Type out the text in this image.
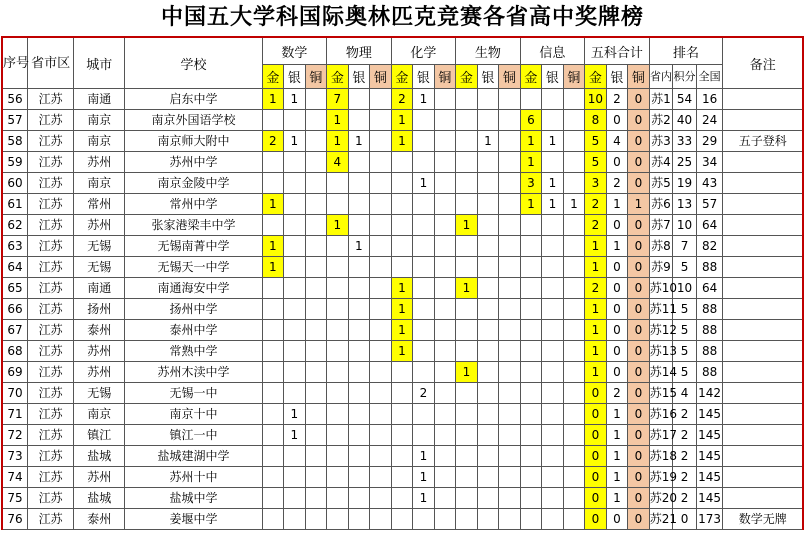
中国五大学科国际奥林匹克竞赛各省高中奖牌榜
序号	省市区	城市	学校	数学			物理			化学			生物			信息			五科合计			排名			备注
				金	银	铜	金	银	铜	金	银	铜	金	银	铜	金	银	铜	金	银	铜	省内	积分	全国	
56	江苏	南通	启东中学	1	1		7			2	1								10	2	0	苏1	54	16	
57	江苏	南京	南京外国语学校				1			1						6			8	0	0	苏2	40	24	
58	江苏	南京	南京师大附中	2	1		1	1		1				1		1	1		5	4	0	苏3	33	29	五子登科
59	江苏	苏州	苏州中学				4									1			5	0	0	苏4	25	34	
60	江苏	南京	南京金陵中学								1					3	1		3	2	0	苏5	19	43	
61	江苏	常州	常州中学	1												1	1	1	2	1	1	苏6	13	57	
62	江苏	苏州	张家港梁丰中学				1						1						2	0	0	苏7	10	64	
63	江苏	无锡	无锡南菁中学	1				1											1	1	0	苏8	7	82	
64	江苏	无锡	无锡天一中学	1															1	0	0	苏9	5	88	
65	江苏	南通	南通海安中学							1			1						2	0	0	苏10	10	64	
66	江苏	扬州	扬州中学							1									1	0	0	苏11	5	88	
67	江苏	泰州	泰州中学							1									1	0	0	苏12	5	88	
68	江苏	苏州	常熟中学							1									1	0	0	苏13	5	88	
69	江苏	苏州	苏州木渎中学										1						1	0	0	苏14	5	88	
70	江苏	无锡	无锡一中								2								0	2	0	苏15	4	142	
71	江苏	南京	南京十中		1														0	1	0	苏16	2	145	
72	江苏	镇江	镇江一中		1														0	1	0	苏17	2	145	
73	江苏	盐城	盐城建湖中学								1								0	1	0	苏18	2	145	
74	江苏	苏州	苏州十中								1								0	1	0	苏19	2	145	
75	江苏	盐城	盐城中学								1								0	1	0	苏20	2	145	
76	江苏	泰州	姜堰中学																0	0	0	苏21	0	173	数学无牌
